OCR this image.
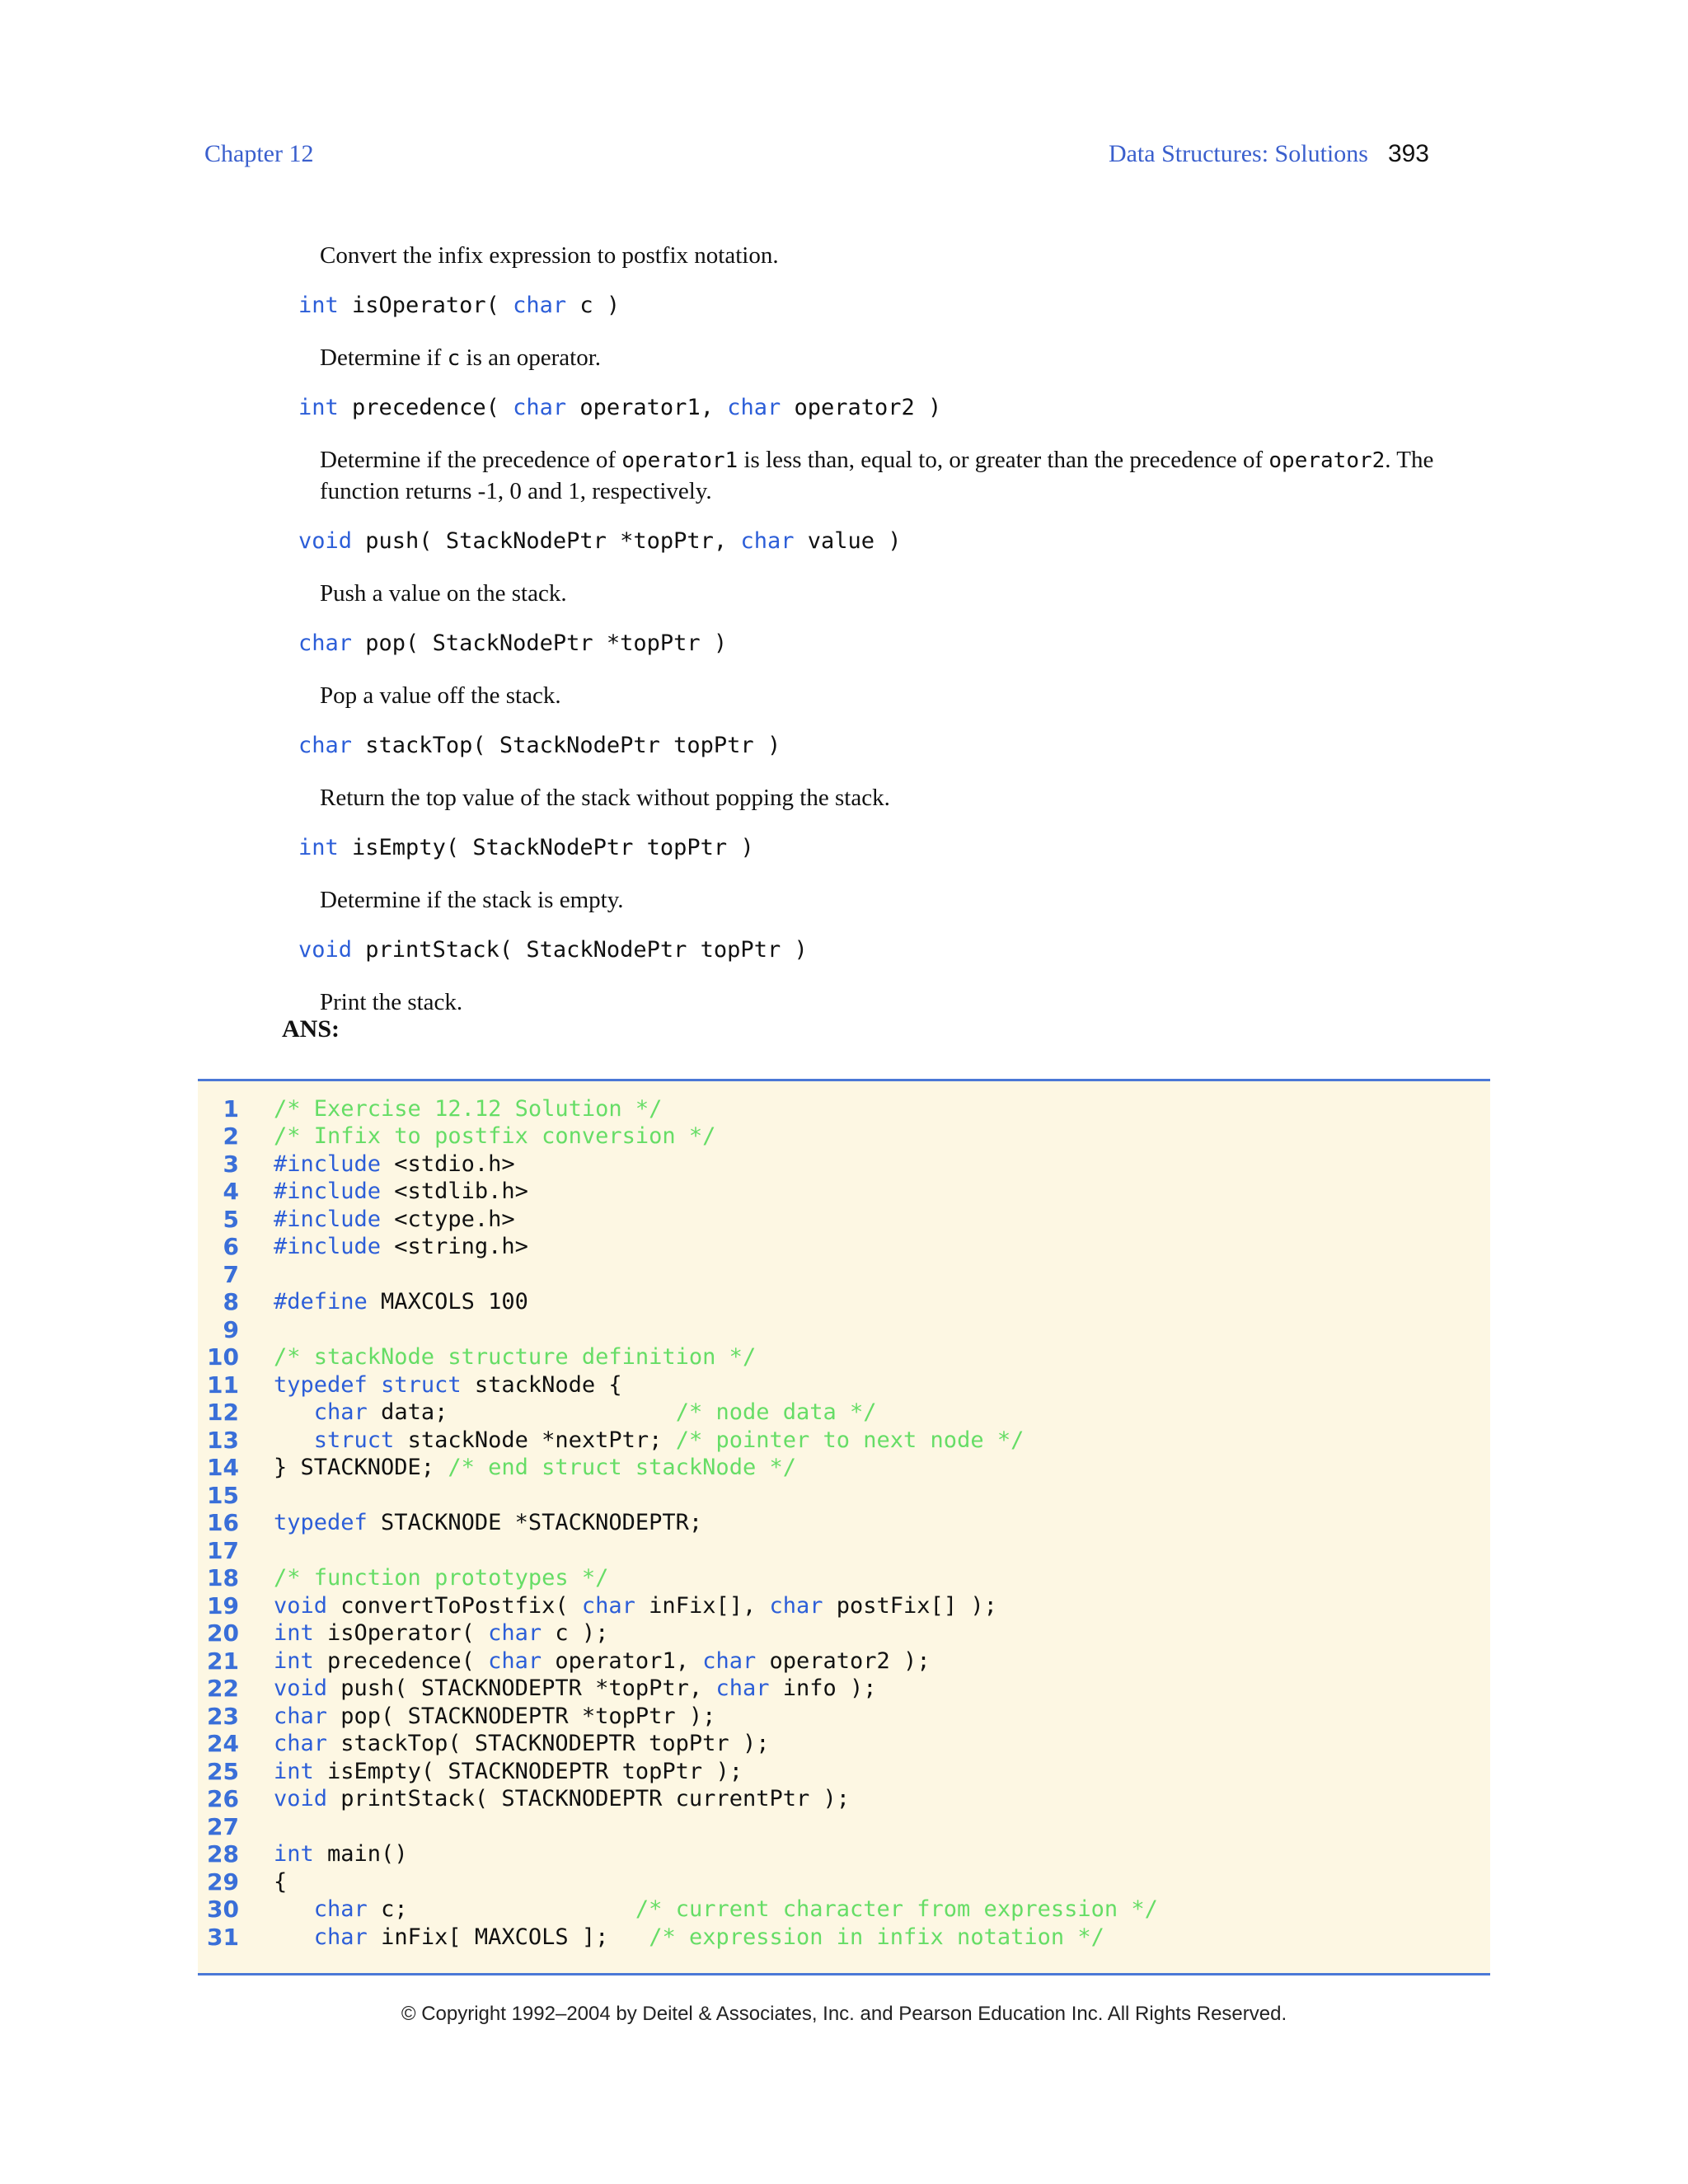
Chapter 12	Data Structures: Solutions 393
Convert the infix expression to postfix notation.
int isOperator( char c )
Determine if c is an operator.
int precedence( char operator1, char operator2 )
Determine if the precedence of operator1 is less than, equal to, or greater than the precedence of operator2. The function returns -1, 0 and 1, respectively.
void push( StackNodePtr *topPtr, char value )
Push a value on the stack.
char pop( StackNodePtr *topPtr )
Pop a value off the stack.
char stackTop( StackNodePtr topPtr )
Return the top value of the stack without popping the stack.
int isEmpty( StackNodePtr topPtr )
Determine if the stack is empty.
void printStack( StackNodePtr topPtr )
Print the stack.
ANS:
1 /* Exercise 12.12 Solution */
2 /* Infix to postfix conversion */
3 #include <stdio.h>
4 #include <stdlib.h>
5 #include <ctype.h>
6 #include <string.h>
7
8 #define MAXCOLS 100
9
10 /* stackNode structure definition */
11 typedef struct stackNode {
12	char data;                 /* node data */
13	struct stackNode *nextPtr; /* pointer to next node */
14 } STACKNODE; /* end struct stackNode */
15
16 typedef STACKNODE *STACKNODEPTR;
17
18 /* function prototypes */
19 void convertToPostfix( char inFix[], char postFix[] );
20 int isOperator( char c );
21 int precedence( char operator1, char operator2 );
22 void push( STACKNODEPTR *topPtr, char info );
23 char pop( STACKNODEPTR *topPtr );
24 char stackTop( STACKNODEPTR topPtr );
25 int isEmpty( STACKNODEPTR topPtr );
26 void printStack( STACKNODEPTR currentPtr );
27
28 int main()
29 {
30	char c;                 /* current character from expression */
31	char inFix[ MAXCOLS ];   /* expression in infix notation */
© Copyright 1992–2004 by Deitel & Associates, Inc. and Pearson Education Inc. All Rights Reserved.
